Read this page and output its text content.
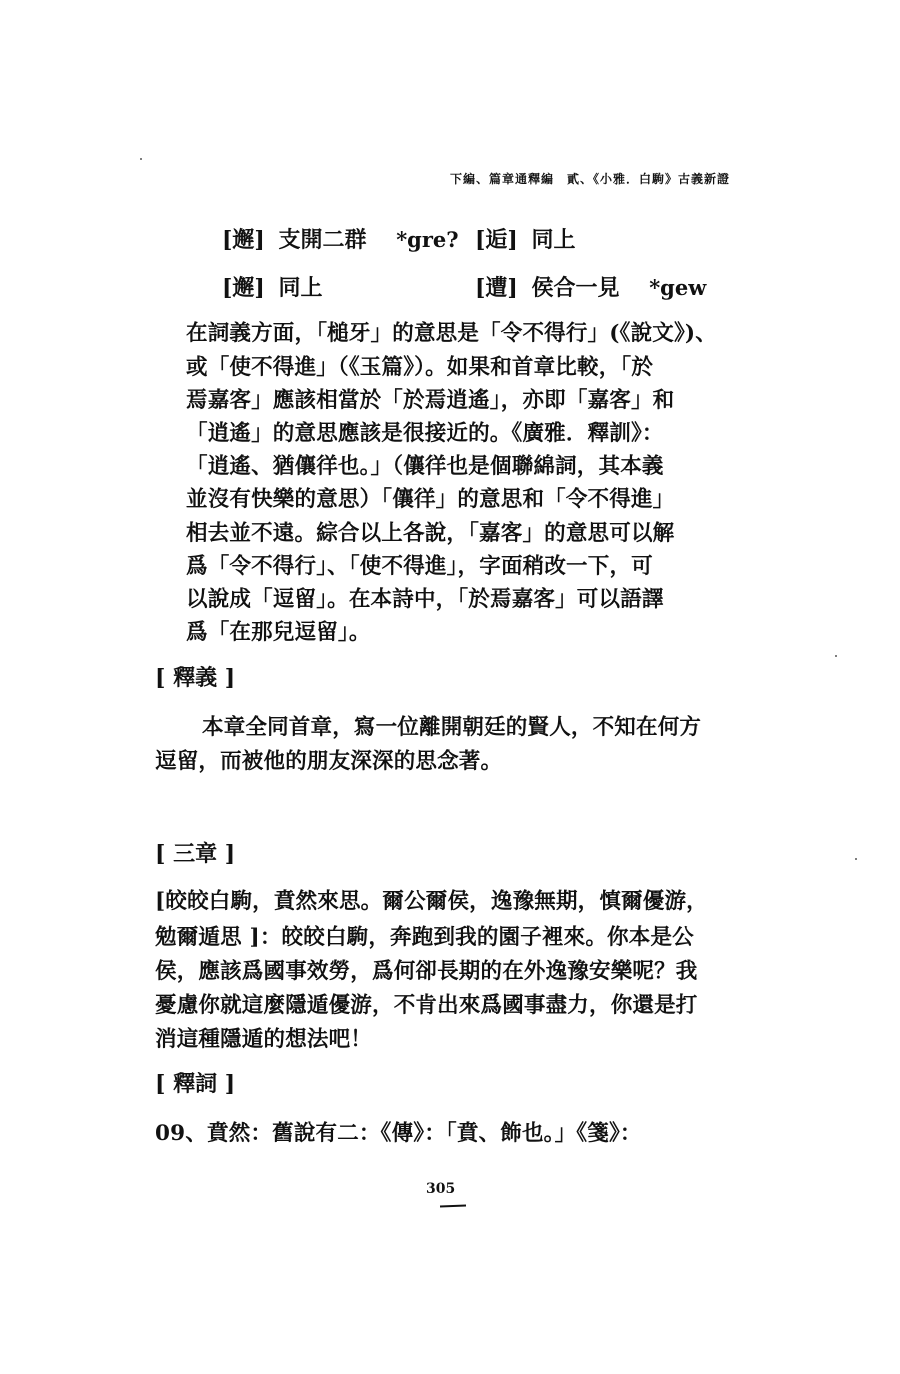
下編、篇章通釋編　貳、《小雅．白駒》古義新證
[邂] 支開二群 *gre? [逅] 同上
[邂] 同上	[遭] 侯合一見 *gew
在詞義方面，「槌牙」的意思是「令不得行」(《說文》)、
或「使不得進」（《玉篇》）。如果和首章比較，「於
焉嘉客」應該相當於「於焉逍遙」，亦即「嘉客」和
「逍遙」的意思應該是很接近的。《廣雅．釋訓》：
「逍遙、猶儴徉也。」（儴徉也是個聯綿詞，其本義
並沒有快樂的意思）「儴徉」的意思和「令不得進」
相去並不遠。綜合以上各說，「嘉客」的意思可以解
爲「令不得行」、「使不得進」，字面稍改一下，可
以說成「逗留」。在本詩中，「於焉嘉客」可以語譯
爲「在那兒逗留」。
[ 釋義 ]
本章全同首章，寫一位離開朝廷的賢人，不知在何方
逗留，而被他的朋友深深的思念著。
[ 三章 ]
[皎皎白駒，賁然來思。爾公爾侯，逸豫無期，慎爾優游，
勉爾遁思 ]：皎皎白駒，奔跑到我的園子裡來。你本是公
侯，應該爲國事效勞，爲何卻長期的在外逸豫安樂呢？我
憂慮你就這麼隱遁優游，不肯出來爲國事盡力，你還是打
消這種隱遁的想法吧！
[ 釋詞 ]
09、賁然：舊說有二：《傳》：「賁、飾也。」《箋》：
305
